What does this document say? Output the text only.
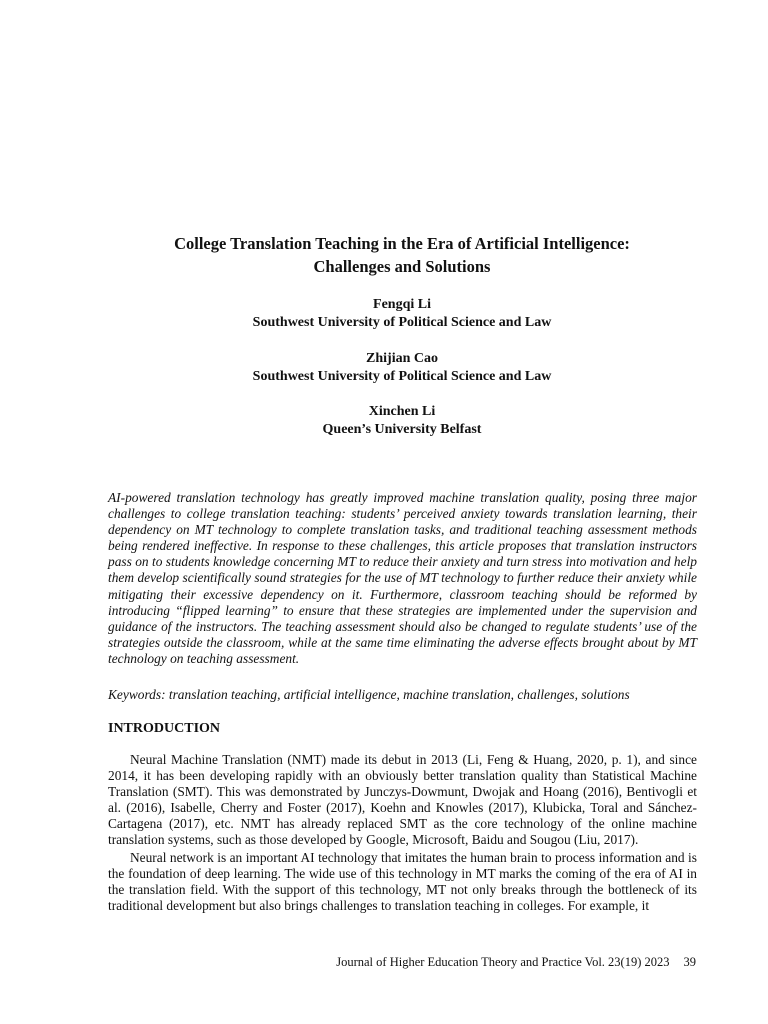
College Translation Teaching in the Era of Artificial Intelligence:
Challenges and Solutions
Fengqi Li
Southwest University of Political Science and Law
Zhijian Cao
Southwest University of Political Science and Law
Xinchen Li
Queen’s University Belfast

AI-powered translation technology has greatly improved machine translation quality, posing three major challenges to college translation teaching: students’ perceived anxiety towards translation learning, their dependency on MT technology to complete translation tasks, and traditional teaching assessment methods being rendered ineffective. In response to these challenges, this article proposes that translation instructors pass on to students knowledge concerning MT to reduce their anxiety and turn stress into motivation and help them develop scientifically sound strategies for the use of MT technology to further reduce their anxiety while mitigating their excessive dependency on it. Furthermore, classroom teaching should be reformed by introducing “flipped learning” to ensure that these strategies are implemented under the supervision and guidance of the instructors. The teaching assessment should also be changed to regulate students’ use of the strategies outside the classroom, while at the same time eliminating the adverse effects brought about by MT technology on teaching assessment.

Keywords: translation teaching, artificial intelligence, machine translation, challenges, solutions

INTRODUCTION

Neural Machine Translation (NMT) made its debut in 2013 (Li, Feng & Huang, 2020, p. 1), and since 2014, it has been developing rapidly with an obviously better translation quality than Statistical Machine Translation (SMT). This was demonstrated by Junczys-Dowmunt, Dwojak and Hoang (2016), Bentivogli et al. (2016), Isabelle, Cherry and Foster (2017), Koehn and Knowles (2017), Klubicka, Toral and Sánchez-Cartagena (2017), etc. NMT has already replaced SMT as the core technology of the online machine translation systems, such as those developed by Google, Microsoft, Baidu and Sougou (Liu, 2017).

Neural network is an important AI technology that imitates the human brain to process information and is the foundation of deep learning. The wide use of this technology in MT marks the coming of the era of AI in the translation field. With the support of this technology, MT not only breaks through the bottleneck of its traditional development but also brings challenges to translation teaching in colleges. For example, it

Journal of Higher Education Theory and Practice Vol. 23(19) 2023 39
